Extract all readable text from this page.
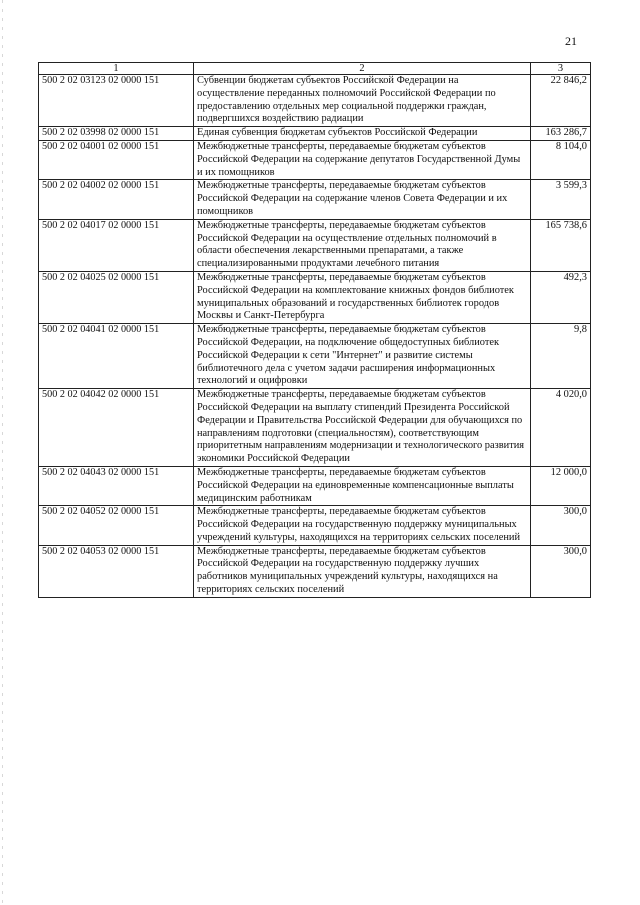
21
1	2	3
500 2 02 03123 02 0000 151	Субвенции бюджетам субъектов Российской Федерации на осуществление переданных полномочий Российской Федерации по предоставлению отдельных мер социальной поддержки граждан, подвергшихся воздействию радиации	22 846,2
500 2 02 03998 02 0000 151	Единая субвенция бюджетам субъектов Российской Федерации	163 286,7
500 2 02 04001 02 0000 151	Межбюджетные трансферты, передаваемые бюджетам субъектов Российской Федерации на содержание депутатов Государственной Думы и их помощников	8 104,0
500 2 02 04002 02 0000 151	Межбюджетные трансферты, передаваемые бюджетам субъектов Российской Федерации на содержание членов Совета Федерации и их помощников	3 599,3
500 2 02 04017 02 0000 151	Межбюджетные трансферты, передаваемые бюджетам субъектов Российской Федерации на осуществление отдельных полномочий в области обеспечения лекарственными препаратами, а также специализированными продуктами лечебного питания	165 738,6
500 2 02 04025 02 0000 151	Межбюджетные трансферты, передаваемые бюджетам субъектов Российской Федерации на комплектование книжных фондов библиотек муниципальных образований и государственных библиотек городов Москвы и Санкт-Петербурга	492,3
500 2 02 04041 02 0000 151	Межбюджетные трансферты, передаваемые бюджетам субъектов Российской Федерации, на подключение общедоступных библиотек Российской Федерации к сети "Интернет" и развитие системы библиотечного дела с учетом задачи расширения информационных технологий и оцифровки	9,8
500 2 02 04042 02 0000 151	Межбюджетные трансферты, передаваемые бюджетам субъектов Российской Федерации на выплату стипендий Президента Российской Федерации и Правительства Российской Федерации для обучающихся по направлениям подготовки (специальностям), соответствующим приоритетным направлениям модернизации и технологического развития экономики Российской Федерации	4 020,0
500 2 02 04043 02 0000 151	Межбюджетные трансферты, передаваемые бюджетам субъектов Российской Федерации на единовременные компенсационные выплаты медицинским работникам	12 000,0
500 2 02 04052 02 0000 151	Межбюджетные трансферты, передаваемые бюджетам субъектов Российской Федерации на государственную поддержку муниципальных учреждений культуры, находящихся на территориях сельских поселений	300,0
500 2 02 04053 02 0000 151	Межбюджетные трансферты, передаваемые бюджетам субъектов Российской Федерации на государственную поддержку лучших работников муниципальных учреждений культуры, находящихся на территориях сельских поселений	300,0
